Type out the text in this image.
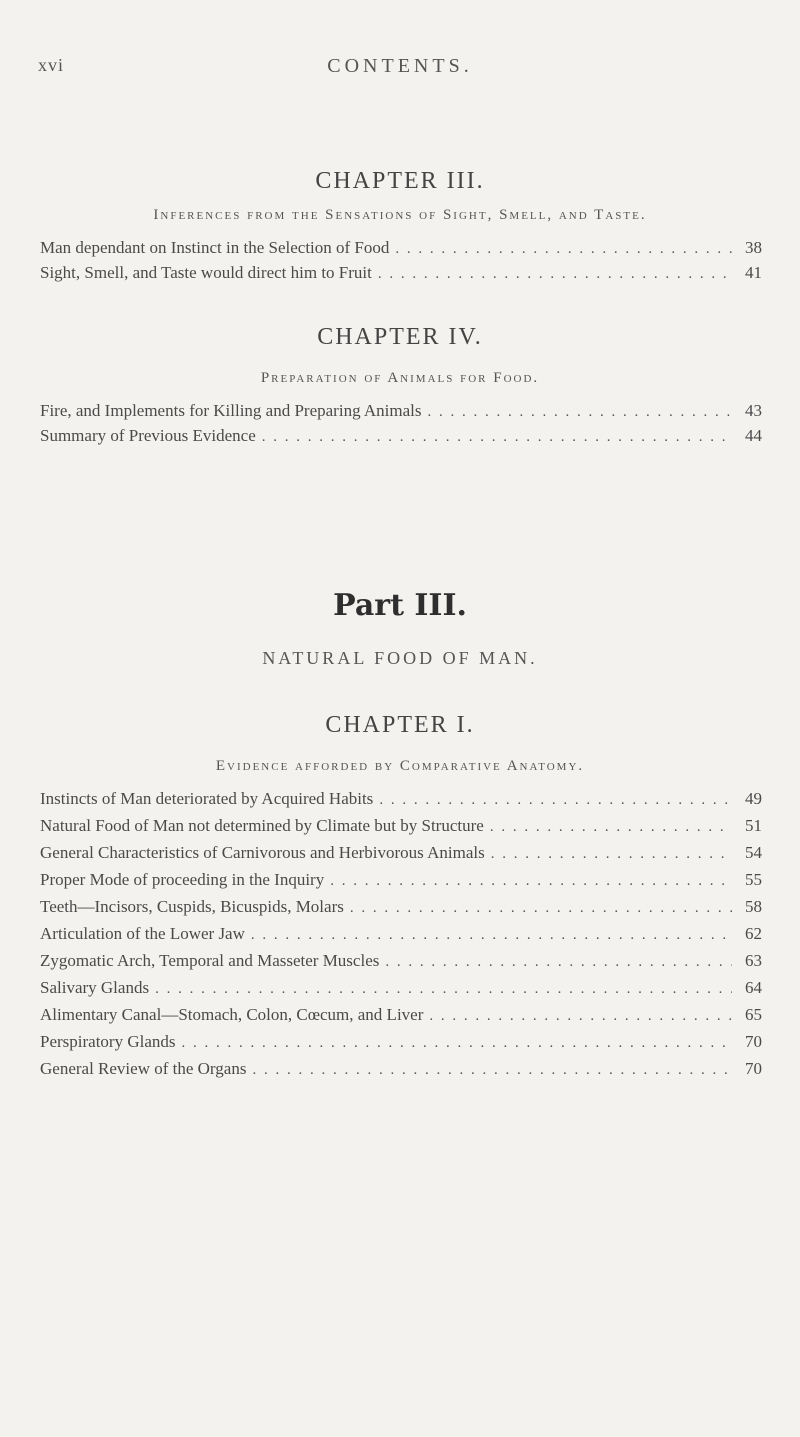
xvi	CONTENTS.
CHAPTER III.
Inferences from the Sensations of Sight, Smell, and Taste.
Man dependant on Instinct in the Selection of Food . . .	38
Sight, Smell, and Taste would direct him to Fruit . . .	41
CHAPTER IV.
Preparation of Animals for Food.
Fire, and Implements for Killing and Preparing Animals . . .	43
Summary of Previous Evidence . . .	44
Part III.
NATURAL FOOD OF MAN.
CHAPTER I.
Evidence afforded by Comparative Anatomy.
Instincts of Man deteriorated by Acquired Habits . . .	49
Natural Food of Man not determined by Climate but by Structure . . .	51
General Characteristics of Carnivorous and Herbivorous Animals . . .	54
Proper Mode of proceeding in the Inquiry . . .	55
Teeth—Incisors, Cuspids, Bicuspids, Molars . . .	58
Articulation of the Lower Jaw . . .	62
Zygomatic Arch, Temporal and Masseter Muscles . . .	63
Salivary Glands . . .	64
Alimentary Canal—Stomach, Colon, Cœcum, and Liver . . .	65
Perspiratory Glands . . .	70
General Review of the Organs . . .	70
